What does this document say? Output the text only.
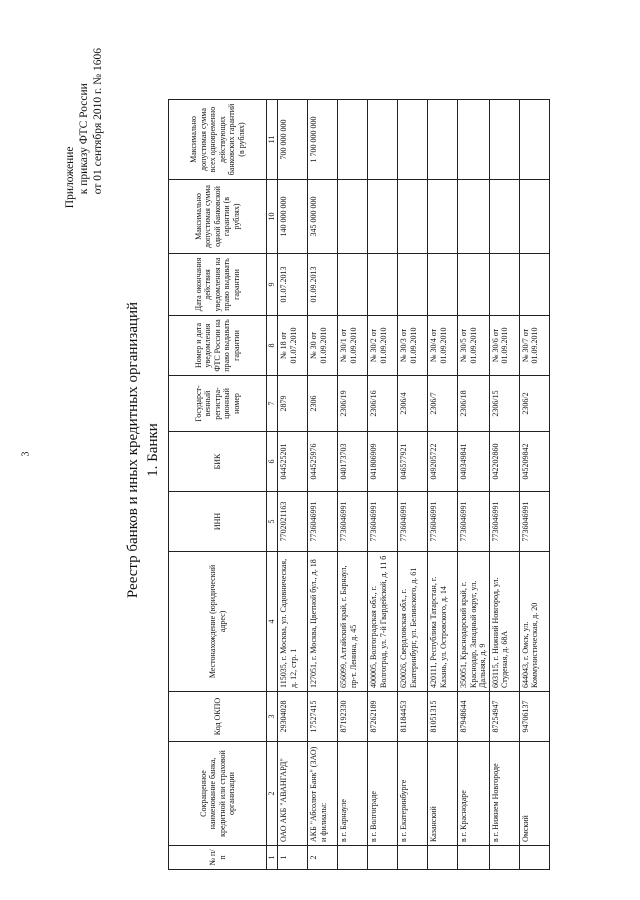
3
Приложение к приказу ФТС России от 01 сентября 2010 г. № 1606
Реестр банков и иных кредитных организаций 1. Банки
№ п/п	Сокращенное наименование банка, кредитной или страховой организации	Код ОКПО	Местонахождение (юридический адрес)	ИНН	БИК	Государст-венный регистра-ционный номер	Номер и дата уведомления ФТС России на право выдавать гарантии	Дата окончания действия уведомления на право выдавать гарантии	Максимально допустимая сумма одной банковской гарантии (в рублях)	Максимально допустимая сумма всех одновременно действующих банковских гарантий (в рублях)
1	2	3	4	5	6	7	8	9	10	11
1	ОАО АКБ "АВАНГАРД"	29304028	115035, г. Москва, ул. Садовническая, д. 12, стр. 1	7702021163	044525201	2879	№ 18 от 01.07.2010	01.07.2013	140 000 000	700 000 000
2	АКБ "Абсолют Банк" (ЗАО) и филиалы:	17527415	127051, г. Москва, Цветной бул., д. 18	7736046991	044525976	2306	№ 30 от 01.09.2010	01.09.2013	345 000 000	1 700 000 000
	в г. Барнауле	87192330	656099, Алтайский край, г. Барнаул, пр-т. Ленина, д. 45	7736046991	040173703	2306/19	№ 30/1 от 01.09.2010			
	в г. Волгограде	87262189	400005, Волгоградская обл., г. Волгоград, ул. 7-й Гвардейской, д. 11 б	7736046991	041806909	2306/16	№ 30/2 от 01.09.2010			
	в г. Екатеринбурге	81184453	620026, Свердловская обл., г. Екатеринбург, ул. Белинского, д. 61	7736046991	046577921	2306/4	№ 30/3 от 01.09.2010			
	Казанский	81051315	420111, Республика Татарстан, г. Казань, ул. Островского, д. 14	7736046991	049205722	2306/7	№ 30/4 от 01.09.2010			
	в г. Краснодаре	87948644	350051, Краснодарский край, г. Краснодар, Западный округ, ул. Дальняя, д. 9	7736046991	040349841	2306/18	№ 30/5 от 01.09.2010			
	в г. Нижнем Новгороде	87254947	603115, г. Нижний Новгород, ул. Студеная, д. 68А	7736046991	042202860	2306/15	№ 30/6 от 01.09.2010			
	Омский	94706137	644043, г. Омск, ул. Коммунистическая, д. 20	7736046991	045209842	2306/2	№ 30/7 от 01.09.2010			
